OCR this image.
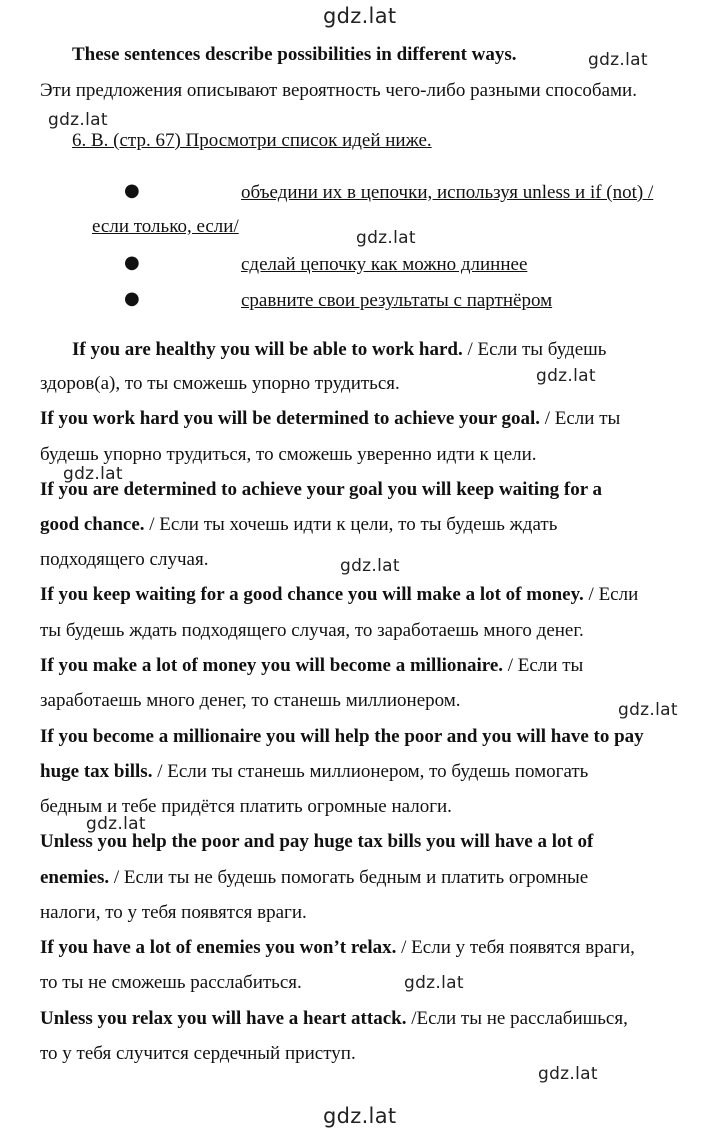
gdz.lat
gdz.lat
gdz.lat
gdz.lat
gdz.lat
gdz.lat
gdz.lat
gdz.lat
gdz.lat
gdz.lat
gdz.lat
gdz.lat
These sentences describe possibilities in different ways.
Эти предложения описывают вероятность чего-либо разными способами.
6. B. (стр. 67) Просмотри список идей ниже.
●	объедини их в цепочки, используя unless и if (not) /
если только, если/
●	сделай цепочку как можно длиннее
●	сравните свои результаты с партнёром
If you are healthy you will be able to work hard. / Если ты будешь
здоров(а), то ты сможешь упорно трудиться.
If you work hard you will be determined to achieve your goal. / Если ты
будешь упорно трудиться, то сможешь уверенно идти к цели.
If you are determined to achieve your goal you will keep waiting for a
good chance. / Если ты хочешь идти к цели, то ты будешь ждать
подходящего случая.
If you keep waiting for a good chance you will make a lot of money. / Если
ты будешь ждать подходящего случая, то заработаешь много денег.
If you make a lot of money you will become a millionaire. / Если ты
заработаешь много денег, то станешь миллионером.
If you become a millionaire you will help the poor and you will have to pay
huge tax bills. / Если ты станешь миллионером, то будешь помогать
бедным и тебе придётся платить огромные налоги.
Unless you help the poor and pay huge tax bills you will have a lot of
enemies. / Если ты не будешь помогать бедным и платить огромные
налоги, то у тебя появятся враги.
If you have a lot of enemies you won’t relax. / Если у тебя появятся враги,
то ты не сможешь расслабиться.
Unless you relax you will have a heart attack. /Если ты не расслабишься,
то у тебя случится сердечный приступ.
